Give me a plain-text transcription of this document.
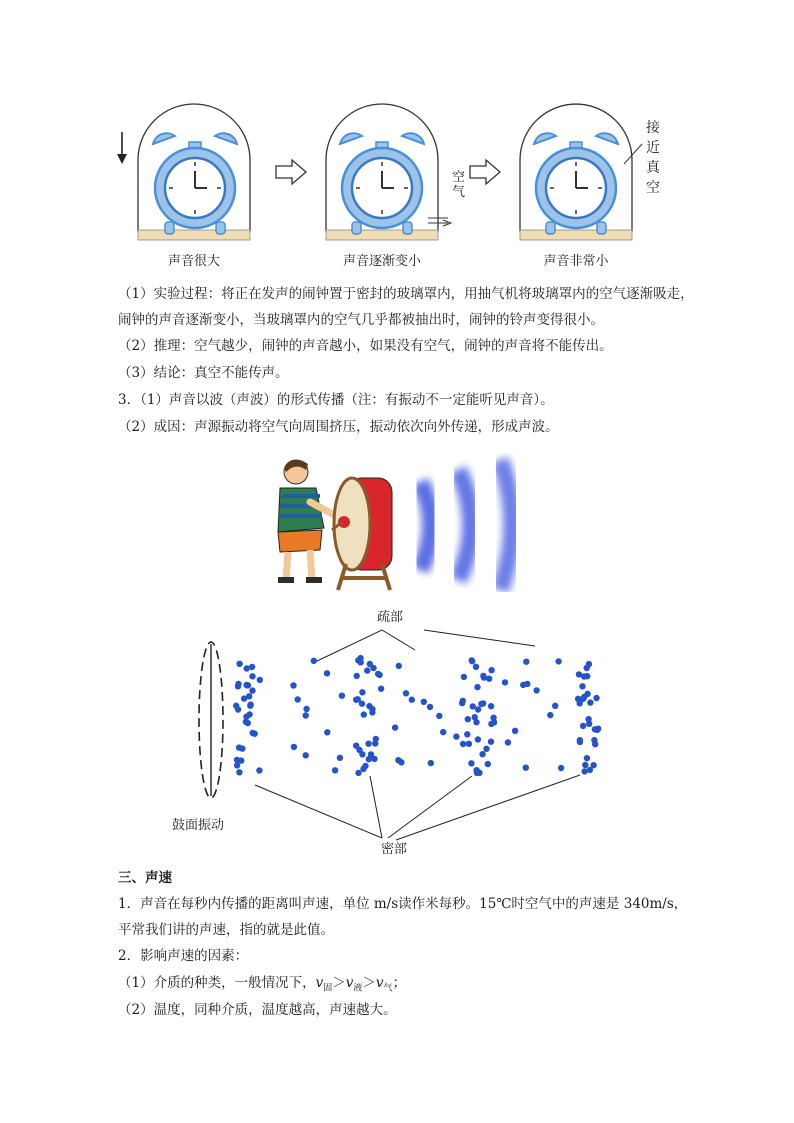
空气
接近真空
声音很大	声音逐渐变小	声音非常小
（1）实验过程：将正在发声的闹钟置于密封的玻璃罩内，用抽气机将玻璃罩内的空气逐渐吸走，闹钟的声音逐渐变小，当玻璃罩内的空气几乎都被抽出时，闹钟的铃声变得很小。
（2）推理：空气越少，闹钟的声音越小，如果没有空气，闹钟的声音将不能传出。
（3）结论：真空不能传声。
3．（1）声音以波（声波）的形式传播（注：有振动不一定能听见声音）。
（2）成因：声源振动将空气向周围挤压，振动依次向外传递，形成声波。
疏部
密部
鼓面振动
三、声速
1．声音在每秒内传播的距离叫声速，单位 m/s读作米每秒。15℃时空气中的声速是 340m/s，平常我们讲的声速，指的就是此值。
2．影响声速的因素：
（1）介质的种类，一般情况下，$v_固>v_液>v_气$；
（2）温度，同种介质，温度越高，声速越大。
